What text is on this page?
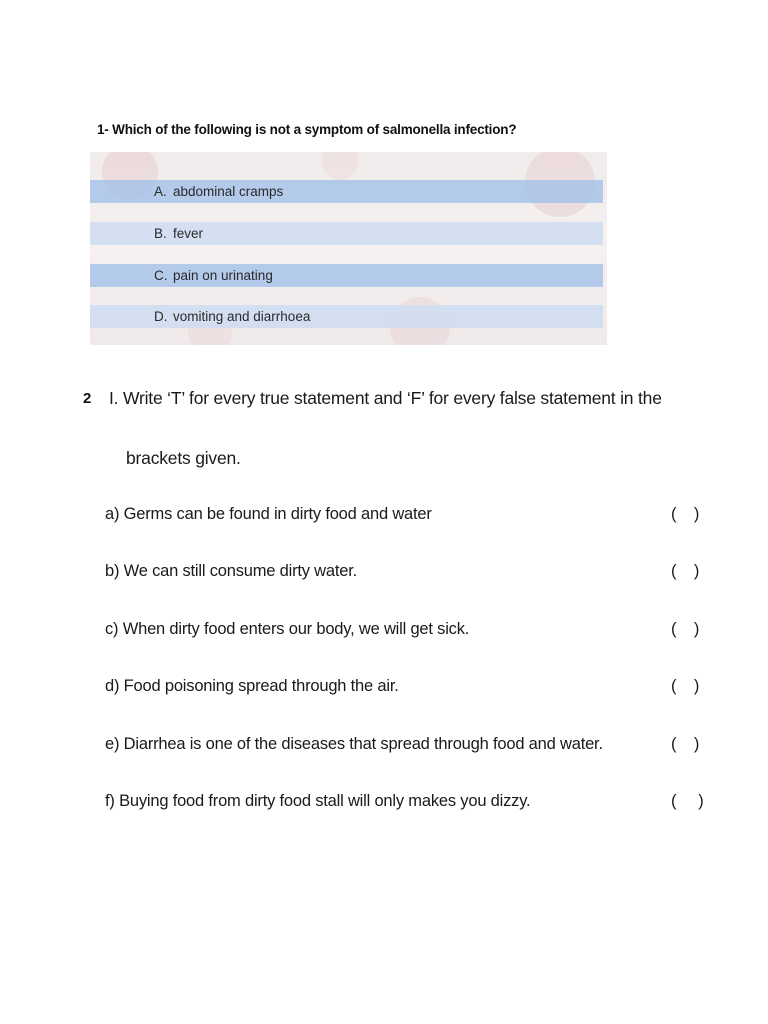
1- Which of the following is not a symptom of salmonella infection?
A. abdominal cramps
B. fever
C. pain on urinating
D. vomiting and diarrhoea
2 I. Write ‘T’ for every true statement and ‘F’ for every false statement in the
brackets given.
a) Germs can be found in dirty food and water	(    )
b) We can still consume dirty water.	(    )
c) When dirty food enters our body, we will get sick.	(    )
d) Food poisoning spread through the air.	(    )
e) Diarrhea is one of the diseases that spread through food and water.	(    )
f) Buying food from dirty food stall will only makes you dizzy.	(     )
